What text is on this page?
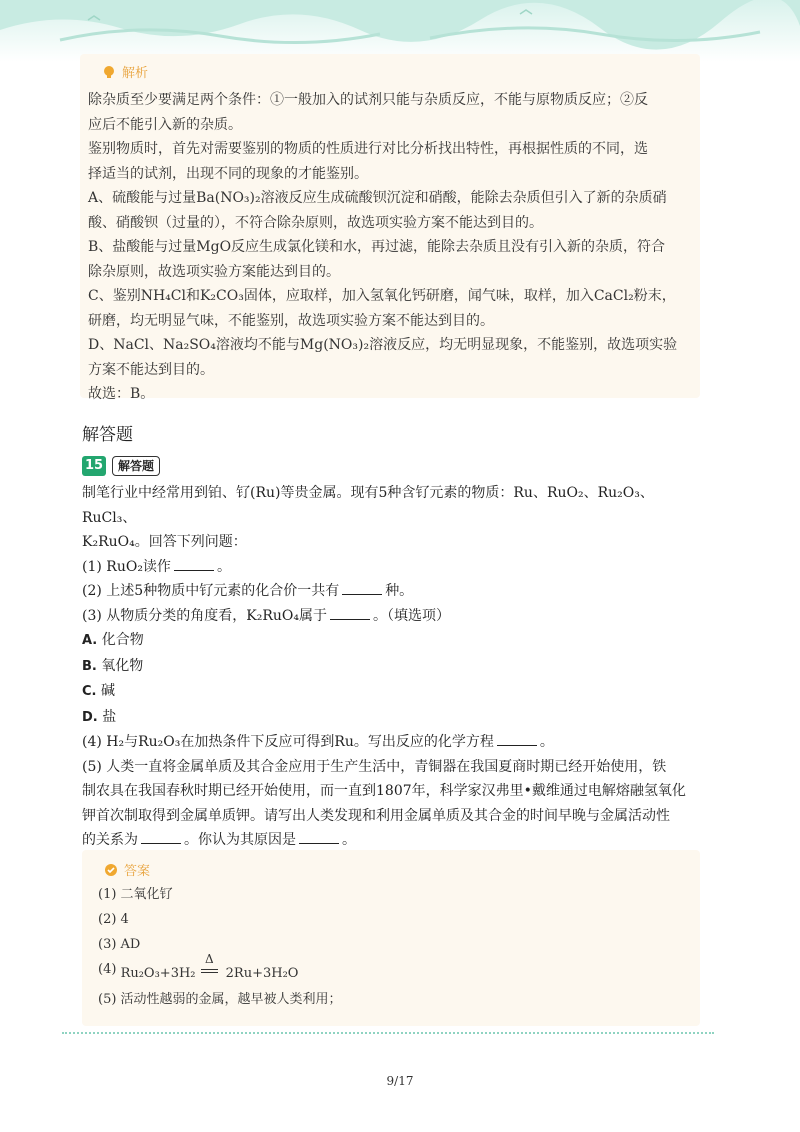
解析

除杂质至少要满足两个条件：①一般加入的试剂只能与杂质反应，不能与原物质反应；②反

应后不能引入新的杂质。

鉴别物质时，首先对需要鉴别的物质的性质进行对比分析找出特性，再根据性质的不同，选

择适当的试剂，出现不同的现象的才能鉴别。

A、硫酸能与过量Ba(NO₃)₂溶液反应生成硫酸钡沉淀和硝酸，能除去杂质但引入了新的杂质硝

酸、硝酸钡（过量的），不符合除杂原则，故选项实验方案不能达到目的。

B、盐酸能与过量MgO反应生成氯化镁和水，再过滤，能除去杂质且没有引入新的杂质，符合

除杂原则，故选项实验方案能达到目的。

C、鉴别NH₄Cl和K₂CO₃固体，应取样，加入氢氧化钙研磨，闻气味，取样，加入CaCl₂粉末，

研磨，均无明显气味，不能鉴别，故选项实验方案不能达到目的。

D、NaCl、Na₂SO₄溶液均不能与Mg(NO₃)₂溶液反应，均无明显现象，不能鉴别，故选项实验

方案不能达到目的。

故选：B。

解答题
15	解答题

制笔行业中经常用到铂、钌(Ru)等贵金属。现有5种含钌元素的物质：Ru、RuO₂、Ru₂O₃、RuCl₃、

K₂RuO₄。回答下列问题：

(1) RuO₂读作	。

(2) 上述5种物质中钌元素的化合价一共有	种。

(3) 从物质分类的角度看，K₂RuO₄属于	。（填选项）

A. 化合物

B. 氧化物

C. 碱

D. 盐

(4) H₂与Ru₂O₃在加热条件下反应可得到Ru。写出反应的化学方程	。

(5) 人类一直将金属单质及其合金应用于生产生活中，青铜器在我国夏商时期已经开始使用，铁

制农具在我国春秋时期已经开始使用，而一直到1807年，科学家汉弗里•戴维通过电解熔融氢氧化

钾首次制取得到金属单质钾。请写出人类发现和利用金属单质及其合金的时间早晚与金属活动性

的关系为	。你认为其原因是	。

答案
(1) 二氧化钌
(2) 4
(3) AD
(4) Ru₂O₃+3H₂
Δ
2Ru+3H₂O
(5) 活动性越弱的金属，越早被人类利用；
9/17
